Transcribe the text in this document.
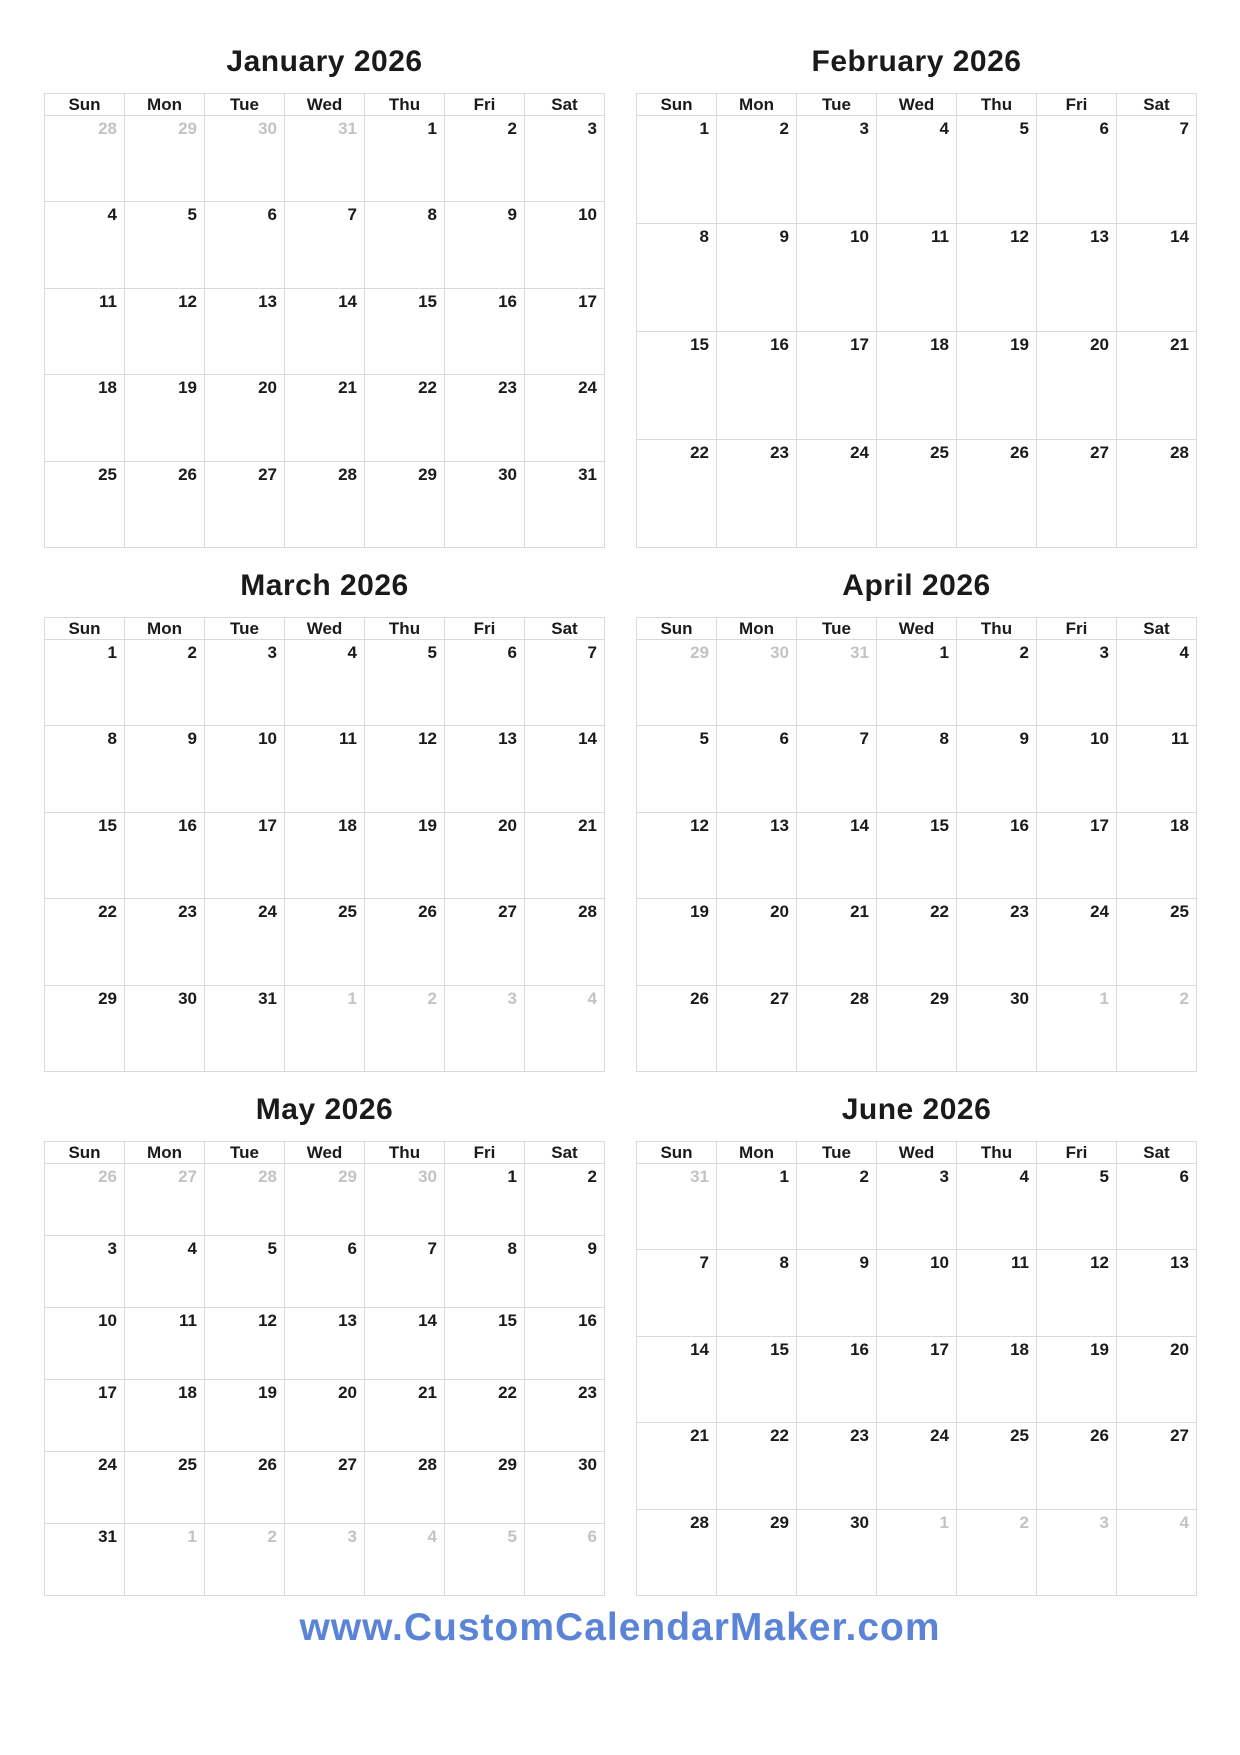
January 2026
Sun	Mon	Tue	Wed	Thu	Fri	Sat
28	29	30	31	1	2	3
4	5	6	7	8	9	10
11	12	13	14	15	16	17
18	19	20	21	22	23	24
25	26	27	28	29	30	31
February 2026
Sun	Mon	Tue	Wed	Thu	Fri	Sat
1	2	3	4	5	6	7
8	9	10	11	12	13	14
15	16	17	18	19	20	21
22	23	24	25	26	27	28
March 2026
Sun	Mon	Tue	Wed	Thu	Fri	Sat
1	2	3	4	5	6	7
8	9	10	11	12	13	14
15	16	17	18	19	20	21
22	23	24	25	26	27	28
29	30	31	1	2	3	4
April 2026
Sun	Mon	Tue	Wed	Thu	Fri	Sat
29	30	31	1	2	3	4
5	6	7	8	9	10	11
12	13	14	15	16	17	18
19	20	21	22	23	24	25
26	27	28	29	30	1	2
May 2026
Sun	Mon	Tue	Wed	Thu	Fri	Sat
26	27	28	29	30	1	2
3	4	5	6	7	8	9
10	11	12	13	14	15	16
17	18	19	20	21	22	23
24	25	26	27	28	29	30
31	1	2	3	4	5	6
June 2026
Sun	Mon	Tue	Wed	Thu	Fri	Sat
31	1	2	3	4	5	6
7	8	9	10	11	12	13
14	15	16	17	18	19	20
21	22	23	24	25	26	27
28	29	30	1	2	3	4
www.CustomCalendarMaker.com
